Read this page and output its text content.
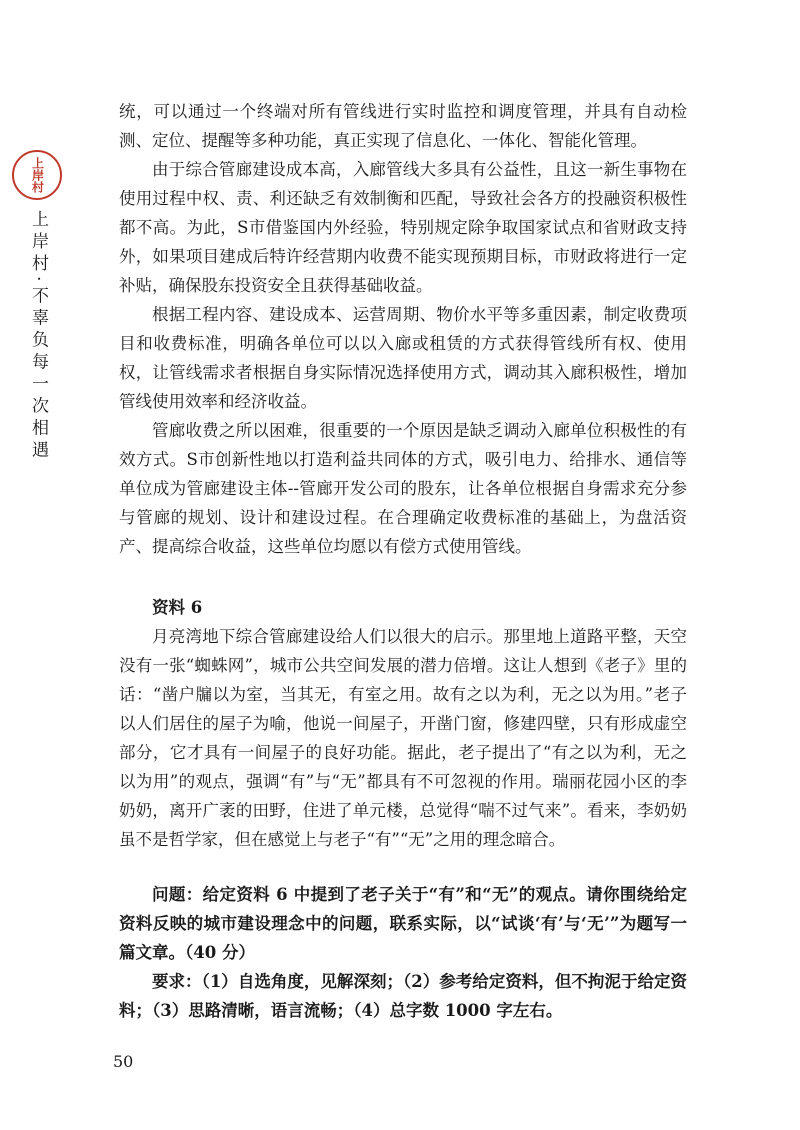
上岸村
上岸村·不辜负每一次相遇

统，可以通过一个终端对所有管线进行实时监控和调度管理，并具有自动检测、定位、提醒等多种功能，真正实现了信息化、一体化、智能化管理。

由于综合管廊建设成本高，入廊管线大多具有公益性，且这一新生事物在使用过程中权、责、利还缺乏有效制衡和匹配，导致社会各方的投融资积极性都不高。为此，S市借鉴国内外经验，特别规定除争取国家试点和省财政支持外，如果项目建成后特许经营期内收费不能实现预期目标，市财政将进行一定补贴，确保股东投资安全且获得基础收益。

根据工程内容、建设成本、运营周期、物价水平等多重因素，制定收费项目和收费标准，明确各单位可以以入廊或租赁的方式获得管线所有权、使用权，让管线需求者根据自身实际情况选择使用方式，调动其入廊积极性，增加管线使用效率和经济收益。

管廊收费之所以困难，很重要的一个原因是缺乏调动入廊单位积极性的有效方式。S市创新性地以打造利益共同体的方式，吸引电力、给排水、通信等单位成为管廊建设主体--管廊开发公司的股东，让各单位根据自身需求充分参与管廊的规划、设计和建设过程。在合理确定收费标准的基础上，为盘活资产、提高综合收益，这些单位均愿以有偿方式使用管线。

资料 6

月亮湾地下综合管廊建设给人们以很大的启示。那里地上道路平整，天空没有一张“蜘蛛网”，城市公共空间发展的潜力倍增。这让人想到《老子》里的话：“凿户牖以为室，当其无，有室之用。故有之以为利，无之以为用。”老子以人们居住的屋子为喻，他说一间屋子，开凿门窗，修建四壁，只有形成虚空部分，它才具有一间屋子的良好功能。据此，老子提出了“有之以为利，无之以为用”的观点，强调“有”与“无”都具有不可忽视的作用。瑞丽花园小区的李奶奶，离开广袤的田野，住进了单元楼，总觉得“喘不过气来”。看来，李奶奶虽不是哲学家，但在感觉上与老子“有”“无”之用的理念暗合。

问题：给定资料 6 中提到了老子关于“有”和“无”的观点。请你围绕给定资料反映的城市建设理念中的问题，联系实际，以“试谈‘有’与‘无’”为题写一篇文章。（40 分）

要求：（1）自选角度，见解深刻；（2）参考给定资料，但不拘泥于给定资料；（3）思路清晰，语言流畅；（4）总字数 1000 字左右。

50
